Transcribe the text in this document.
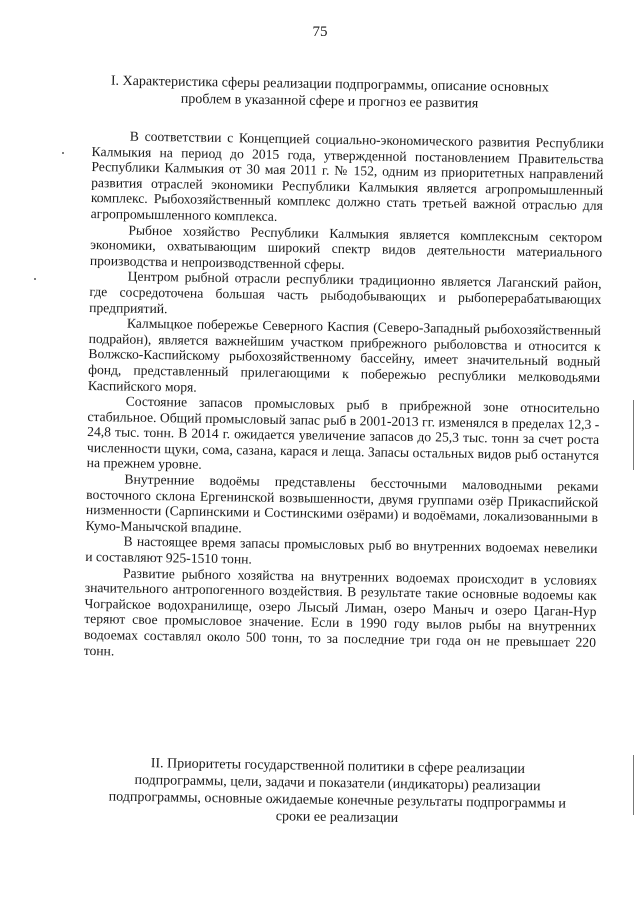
75
I. Характеристика сферы реализации подпрограммы, описание основных
проблем в указанной сфере и прогноз ее развития

В соответствии с Концепцией социально-экономического развития Республики Калмыкия на период до 2015 года, утвержденной постановлением Правительства Республики Калмыкия от 30 мая 2011 г. № 152, одним из приоритетных направлений развития отраслей экономики Республики Калмыкия является агропромышленный комплекс. Рыбохозяйственный комплекс должно стать третьей важной отраслью для агропромышленного комплекса.

Рыбное хозяйство Республики Калмыкия является комплексным сектором экономики, охватывающим широкий спектр видов деятельности материального производства и непроизводственной сферы.

Центром рыбной отрасли республики традиционно является Лаганский район, где сосредоточена большая часть рыбодобывающих и рыбоперерабатывающих предприятий.

Калмыцкое побережье Северного Каспия (Северо-Западный рыбохозяйственный подрайон), является важнейшим участком прибрежного рыболовства и относится к Волжско-Каспийскому рыбохозяйственному бассейну, имеет значительный водный фонд, представленный прилегающими к побережью республики мелководьями Каспийского моря.

Состояние запасов промысловых рыб в прибрежной зоне относительно стабильное. Общий промысловый запас рыб в 2001-2013 гг. изменялся в пределах 12,3 - 24,8 тыс. тонн. В 2014 г. ожидается увеличение запасов до 25,3 тыс. тонн за счет роста численности щуки, сома, сазана, карася и леща. Запасы остальных видов рыб останутся на прежнем уровне.

Внутренние водоёмы представлены бессточными маловодными реками восточного склона Ергенинской возвышенности, двумя группами озёр Прикаспийской низменности (Сарпинскими и Состинскими озёрами) и водоёмами, локализованными в Кумо-Манычской впадине.

В настоящее время запасы промысловых рыб во внутренних водоемах невелики и составляют 925-1510 тонн.

Развитие рыбного хозяйства на внутренних водоемах происходит в условиях значительного антропогенного воздействия. В результате такие основные водоемы как Чограйское водохранилище, озеро Лысый Лиман, озеро Маныч и озеро Цаган-Нур теряют свое промысловое значение. Если в 1990 году вылов рыбы на внутренних водоемах составлял около 500 тонн, то за последние три года он не превышает 220 тонн.

II. Приоритеты государственной политики в сфере реализации
подпрограммы, цели, задачи и показатели (индикаторы) реализации
подпрограммы, основные ожидаемые конечные результаты подпрограммы и
сроки ее реализации
